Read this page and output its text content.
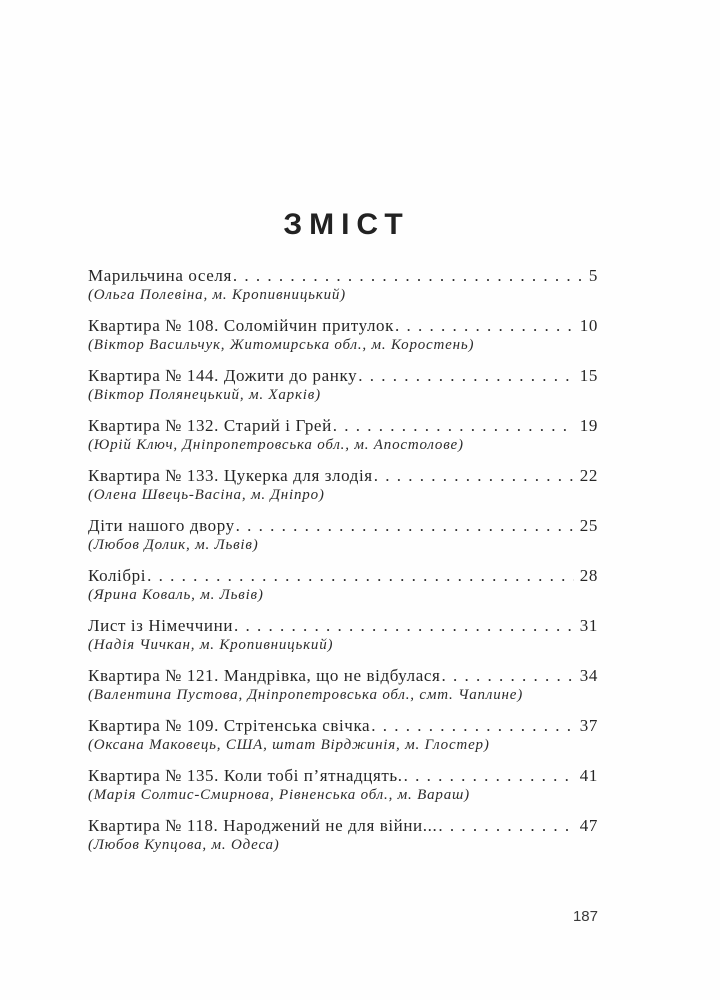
ЗМІСТ
Марильчина оселя . . .	5
(Ольга Полевіна, м. Кропивницький)
Квартира № 108. Соломійчин притулок . . .	10
(Віктор Васильчук, Житомирська обл., м. Коростень)
Квартира № 144. Дожити до ранку . . .	15
(Віктор Полянецький, м. Харків)
Квартира № 132. Старий і Грей . . .	19
(Юрій Ключ, Дніпропетровська обл., м. Апостолове)
Квартира № 133. Цукерка для злодія . . .	22
(Олена Швець-Васіна, м. Дніпро)
Діти нашого двору . . .	25
(Любов Долик, м. Львів)
Колібрі . . .	28
(Ярина Коваль, м. Львів)
Лист із Німеччини . . .	31
(Надія Чичкан, м. Кропивницький)
Квартира № 121. Мандрівка, що не відбулася . . .	34
(Валентина Пустова, Дніпропетровська обл., смт. Чаплине)
Квартира № 109. Стрітенська свічка . . .	37
(Оксана Маковець, США, штат Вірджинія, м. Глостер)
Квартира № 135. Коли тобі п’ятнадцять. . . .	41
(Марія Солтис-Смирнова, Рівненська обл., м. Вараш)
Квартира № 118. Народжений не для війни... . . .	47
(Любов Купцова, м. Одеса)
187
